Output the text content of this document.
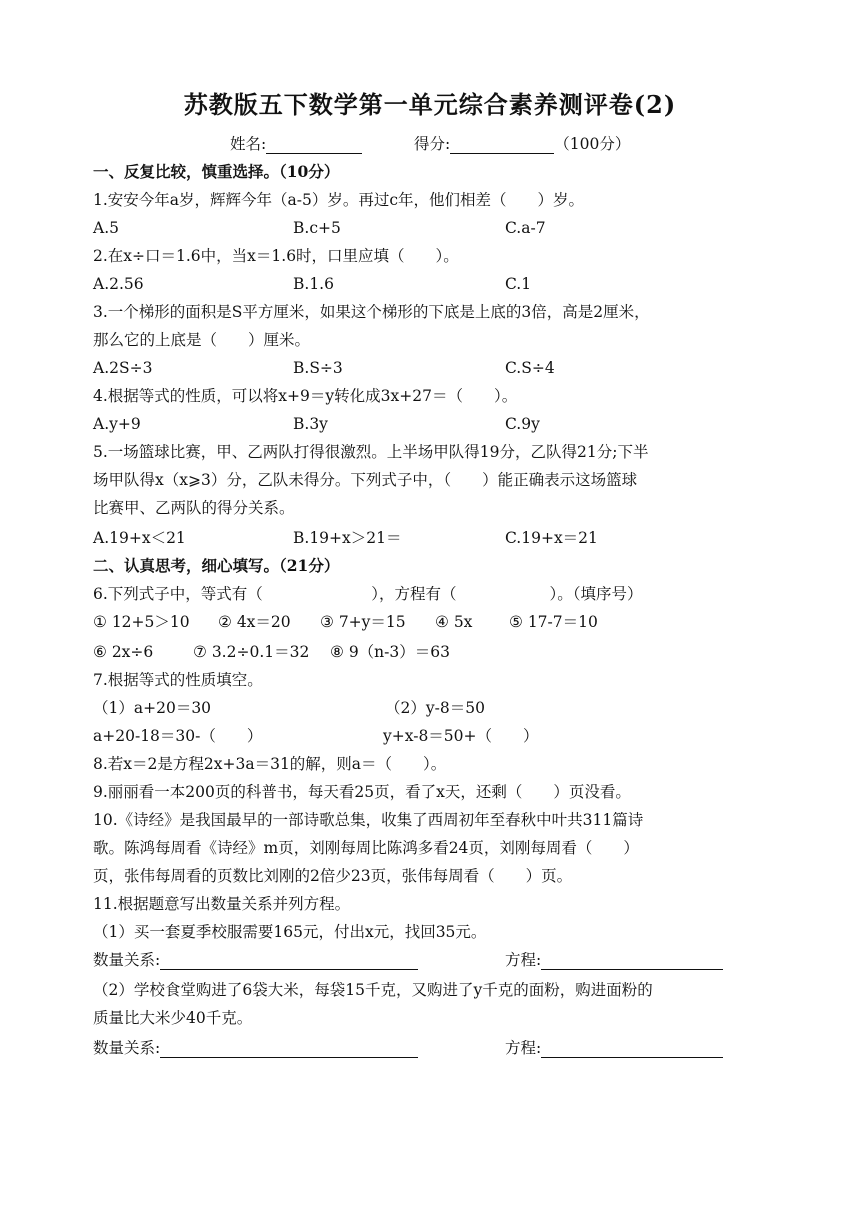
苏教版五下数学第一单元综合素养测评卷(2)
姓名:	得分:	（100分）
一、反复比较，慎重选择。（10分）
1.安安今年a岁，辉辉今年（a-5）岁。再过c年，他们相差（　　）岁。
A.5	B.c+5	C.a-7
2.在x÷口＝1.6中，当x＝1.6时，口里应填（　　）。
A.2.56	B.1.6	C.1
3.一个梯形的面积是S平方厘米，如果这个梯形的下底是上底的3倍，高是2厘米，
那么它的上底是（　　）厘米。
A.2S÷3	B.S÷3	C.S÷4
4.根据等式的性质，可以将x+9＝y转化成3x+27＝（　　）。
A.y+9	B.3y	C.9y
5.一场篮球比赛，甲、乙两队打得很激烈。上半场甲队得19分，乙队得21分;下半
场甲队得x（x⩾3）分，乙队未得分。下列式子中，（　　）能正确表示这场篮球
比赛甲、乙两队的得分关系。
A.19+x＜21	B.19+x＞21＝	C.19+x＝21
二、认真思考，细心填写。（21分）
6.下列式子中，等式有（　　　　　　　），方程有（　　　　　　）。（填序号）
① 12+5＞10 ② 4x＝20 ③ 7+y＝15 ④ 5x ⑤ 17-7＝10
⑥ 2x÷6	⑦ 3.2÷0.1＝32 ⑧ 9（n-3）＝63
7.根据等式的性质填空。
（1）a+20＝30	（2）y-8＝50
a+20-18＝30-（　　）	y+x-8＝50+（　　）
8.若x＝2是方程2x+3a＝31的解，则a＝（　　）。
9.丽丽看一本200页的科普书，每天看25页，看了x天，还剩（　　）页没看。
10.《诗经》是我国最早的一部诗歌总集，收集了西周初年至春秋中叶共311篇诗
歌。陈鸿每周看《诗经》m页，刘刚每周比陈鸿多看24页，刘刚每周看（　　）
页，张伟每周看的页数比刘刚的2倍少23页，张伟每周看（　　）页。
11.根据题意写出数量关系并列方程。
（1）买一套夏季校服需要165元，付出x元，找回35元。
数量关系:	方程:
（2）学校食堂购进了6袋大米，每袋15千克，又购进了y千克的面粉，购进面粉的
质量比大米少40千克。
数量关系:	方程:
